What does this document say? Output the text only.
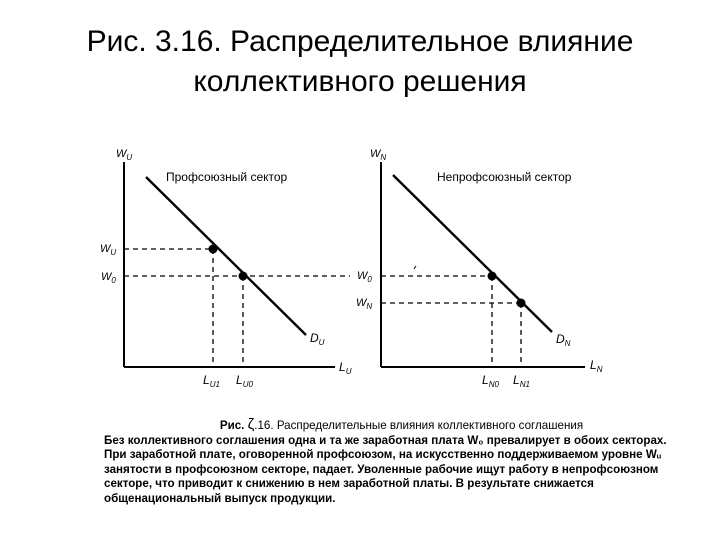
Рис. 3.16. Распределительное влияние
коллективного решения
$W_U$
Профсоюзный сектор
$W_U$
$W_0$
$D_U$
$L_U$
$L_{U1}$ $L_{U0}$
$W_N$
Непрофсоюзный сектор
$W_0$
$W_N$
$D_N$
$L_N$
$L_{N0}$ $L_{N1}$
Рис. ζ.16. Распределительные влияния коллективного соглашения
Без коллективного соглашения одна и та же заработная плата W₀ превалирует в обоих секторах. При заработной плате, оговоренной профсоюзом, на искусственно поддерживаемом уровне Wᵤ занятости в профсоюзном секторе, падает. Уволенные рабочие ищут работу в непрофсоюзном секторе, что приводит к снижению в нем заработной платы. В результате снижается общенациональный выпуск продукции.
